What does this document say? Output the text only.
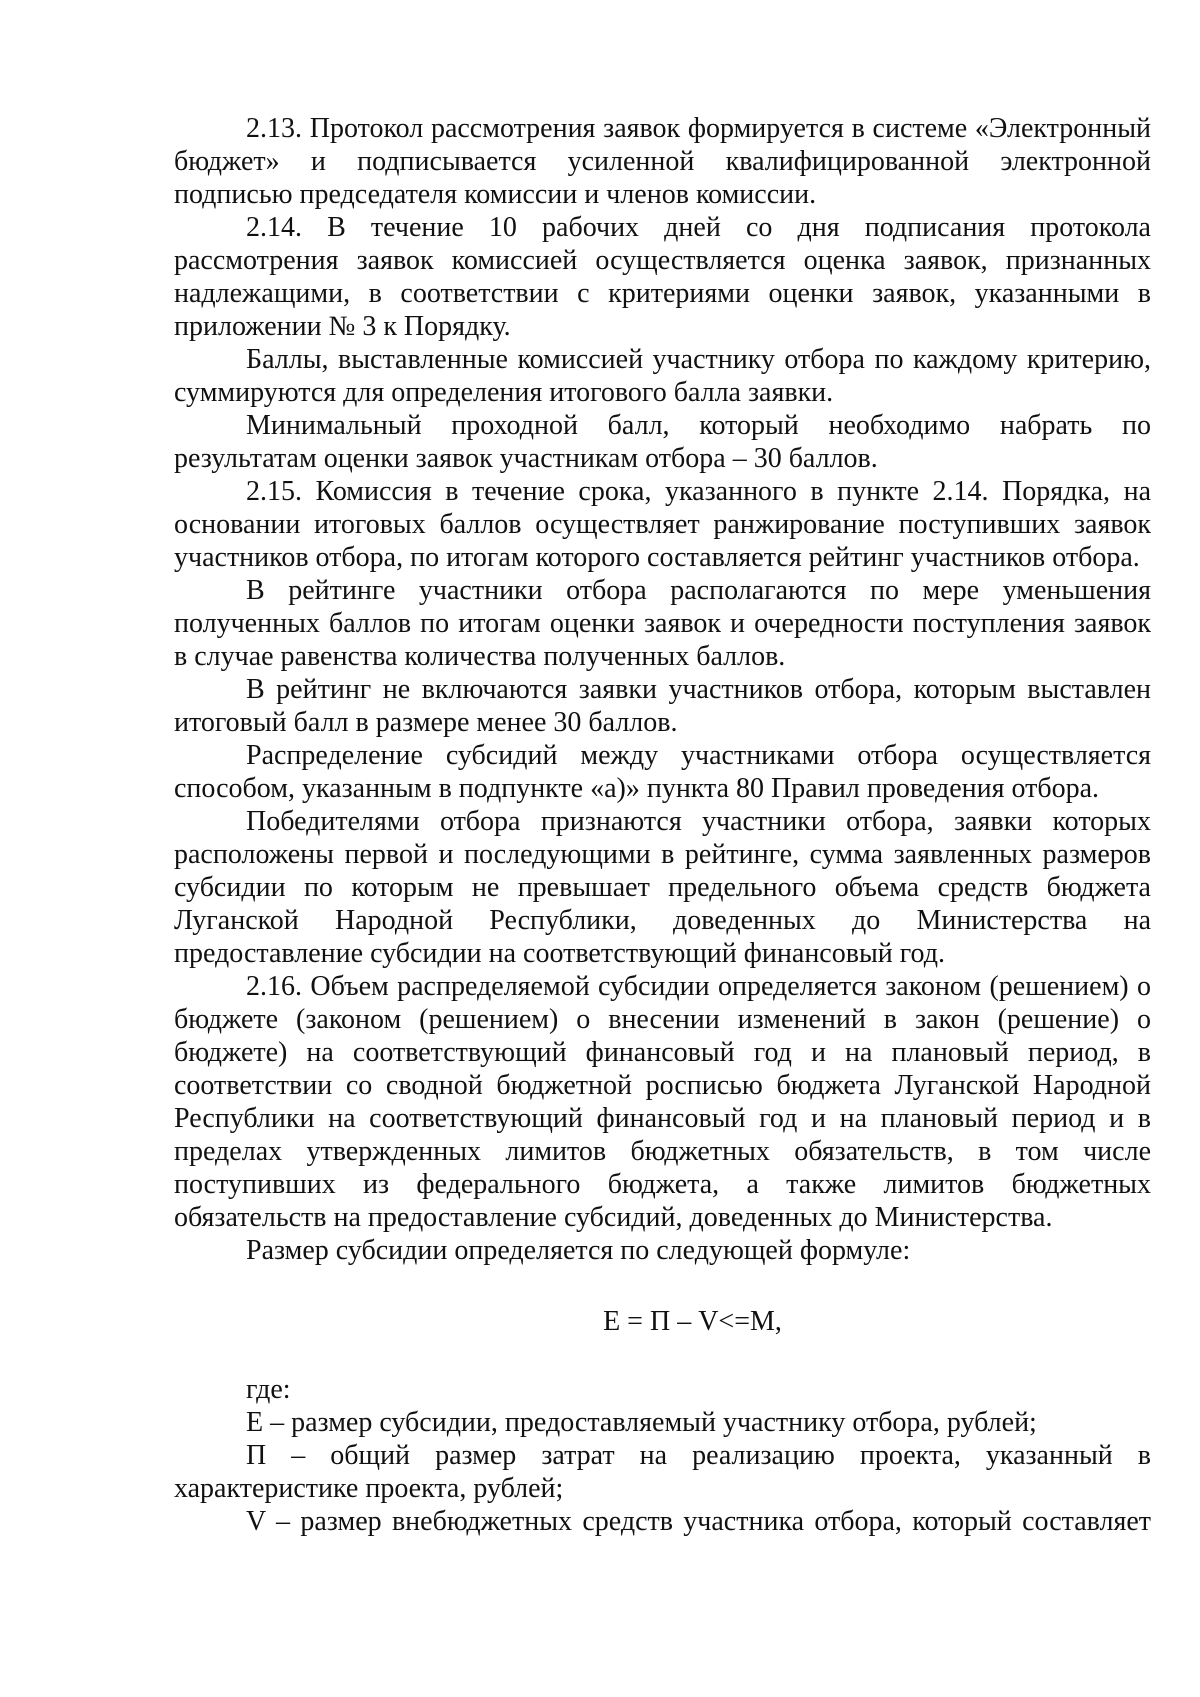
2.13. Протокол рассмотрения заявок формируется в системе «Электронный бюджет» и подписывается усиленной квалифицированной электронной подписью председателя комиссии и членов комиссии.

2.14. В течение 10 рабочих дней со дня подписания протокола рассмотрения заявок комиссией осуществляется оценка заявок, признанных надлежащими, в соответствии с критериями оценки заявок, указанными в приложении № 3 к Порядку.

Баллы, выставленные комиссией участнику отбора по каждому критерию, суммируются для определения итогового балла заявки.

Минимальный проходной балл, который необходимо набрать по результатам оценки заявок участникам отбора – 30 баллов.

2.15. Комиссия в течение срока, указанного в пункте 2.14. Порядка, на основании итоговых баллов осуществляет ранжирование поступивших заявок участников отбора, по итогам которого составляется рейтинг участников отбора.

В рейтинге участники отбора располагаются по мере уменьшения полученных баллов по итогам оценки заявок и очередности поступления заявок в случае равенства количества полученных баллов.

В рейтинг не включаются заявки участников отбора, которым выставлен итоговый балл в размере менее 30 баллов.

Распределение субсидий между участниками отбора осуществляется способом, указанным в подпункте «а)» пункта 80 Правил проведения отбора.

Победителями отбора признаются участники отбора, заявки которых расположены первой и последующими в рейтинге, сумма заявленных размеров субсидии по которым не превышает предельного объема средств бюджета Луганской Народной Республики, доведенных до Министерства на предоставление субсидии на соответствующий финансовый год.

2.16. Объем распределяемой субсидии определяется законом (решением) о бюджете (законом (решением) о внесении изменений в закон (решение) о бюджете) на соответствующий финансовый год и на плановый период, в соответствии со сводной бюджетной росписью бюджета Луганской Народной Республики на соответствующий финансовый год и на плановый период и в пределах утвержденных лимитов бюджетных обязательств, в том числе поступивших из федерального бюджета, а также лимитов бюджетных обязательств на предоставление субсидий, доведенных до Министерства.

Размер субсидии определяется по следующей формуле:

E = П – V<=M,

где:

E – размер субсидии, предоставляемый участнику отбора, рублей;

П – общий размер затрат на реализацию проекта, указанный в характеристике проекта, рублей;

V – размер внебюджетных средств участника отбора, который составляет
